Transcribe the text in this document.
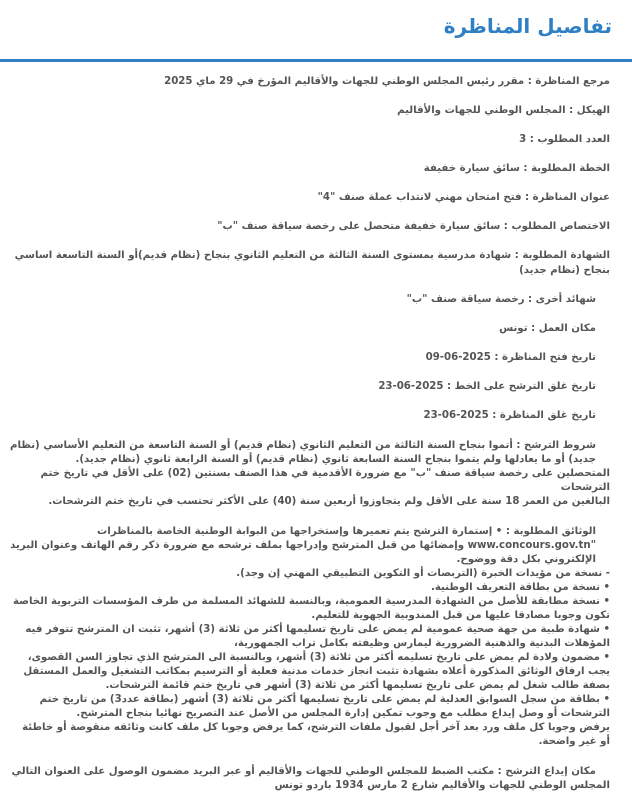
تفاصيل المناظرة

مرجع المناظرة : مقرر رئيس المجلس الوطني للجهات والأقاليم المؤرخ في 29 ماي 2025

الهيكل : المجلس الوطني للجهات والأقاليم

العدد المطلوب : 3

الخطة المطلوبة : سائق سيارة خفيفة

عنوان المناظرة : فتح امتحان مهني لانتداب عملة صنف "4"

الاختصاص المطلوب : سائق سيارة خفيفة متحصل على رخصة سياقة صنف "ب"

الشهادة المطلوبة : شهادة مدرسية بمستوى السنة الثالثة من التعليم الثانوي بنجاح (نظام قديم)أو السنة التاسعة اساسي بنجاح (نظام جديد)

شهائد أخرى : رخصة سياقة صنف "ب"

مكان العمل : تونس

تاريخ فتح المناظرة : 09-06-2025

تاريخ غلق الترشح على الخط : 23-06-2025

تاريخ غلق المناظرة : 23-06-2025

شروط الترشح : أتموا بنجاح السنة الثالثة من التعليم الثانوي (نظام قديم) أو السنة التاسعة من التعليم الأساسي (نظام جديد) أو ما يعادلها ولم يتموا بنجاح السنة السابعة ثانوي (نظام قديم) أو السنة الرابعة ثانوي (نظام جديد).

المتحصلين على رخصة سياقة صنف "ب" مع ضرورة الأقدمية في هذا الصنف بسنتين (02) على الأقل في تاريخ ختم الترشحات

البالغين من العمر 18 سنة على الأقل ولم يتجاوزوا أربعين سنة (40) على الأكثر تحتسب في تاريخ ختم الترشحات.

الوثائق المطلوبة : • إستمارة الترشح يتم تعميرها وإستخراجها من البوابة الوطنية الخاصة بالمناظرات "www.concours.gov.tn وإمضائها من قبل المترشح وإدراجها بملف ترشحه مع ضرورة ذكر رقم الهاتف وعنوان البريد الإلكتروني بكل دقة ووضوح.

- نسخة من مؤيدات الخبرة (التربصات أو التكوين التطبيقي المهني إن وجد).

• نسخة من بطاقة التعريف الوطنية.

• نسخة مطابقة للأصل من الشهادة المدرسية العمومية، وبالنسبة للشهائد المسلمة من طرف المؤسسات التربوية الخاصة تكون وجوبا مصادقا عليها من قبل المندوبية الجهوية للتعليم.

• شهادة طبية من جهة صحية عمومية لم يمض على تاريخ تسليمها أكثر من ثلاثة (3) أشهر، تثبت ان المترشح تتوفر فيه المؤهلات البدنية والذهنية الضرورية ليمارس وظيفته بكامل تراب الجمهورية،

• مضمون ولادة لم يمض على تاريخ تسليمه أكثر من ثلاثة (3) أشهر، وبالنسبة الى المترشح الذي تجاوز السن القصوى، يجب ارفاق الوثائق المذكورة أعلاه بشهادة تثبت انجاز خدمات مدنية فعلية أو الترسيم بمكاتب التشغيل والعمل المستقل بصفة طالب شغل لم يمض على تاريخ تسليمها أكثر من ثلاثة (3) أشهر في تاريخ ختم قائمة الترشحات.

• بطاقة من سجل السوابق العدلية لم يمض على تاريخ تسليمها أكثر من ثلاثة (3) أشهر (بطاقة عدد3) من تاريخ ختم الترشحات أو وصل إيداع مطلب مع وجوب تمكين إدارة المجلس من الأصل عند التصريح نهائيا بنجاح المترشح.

يرفض وجوبا كل ملف ورد بعد آخر أجل لقبول ملفات الترشح، كما يرفض وجوبا كل ملف كانت وثائقه منقوصة أو خاطئة أو غير واضحة.

مكان إيداع الترشح : مكتب الضبط للمجلس الوطني للجهات والأقاليم أو عبر البريد مضمون الوصول على العنوان التالي

المجلس الوطني للجهات والأقاليم شارع 2 مارس 1934 باردو تونس
